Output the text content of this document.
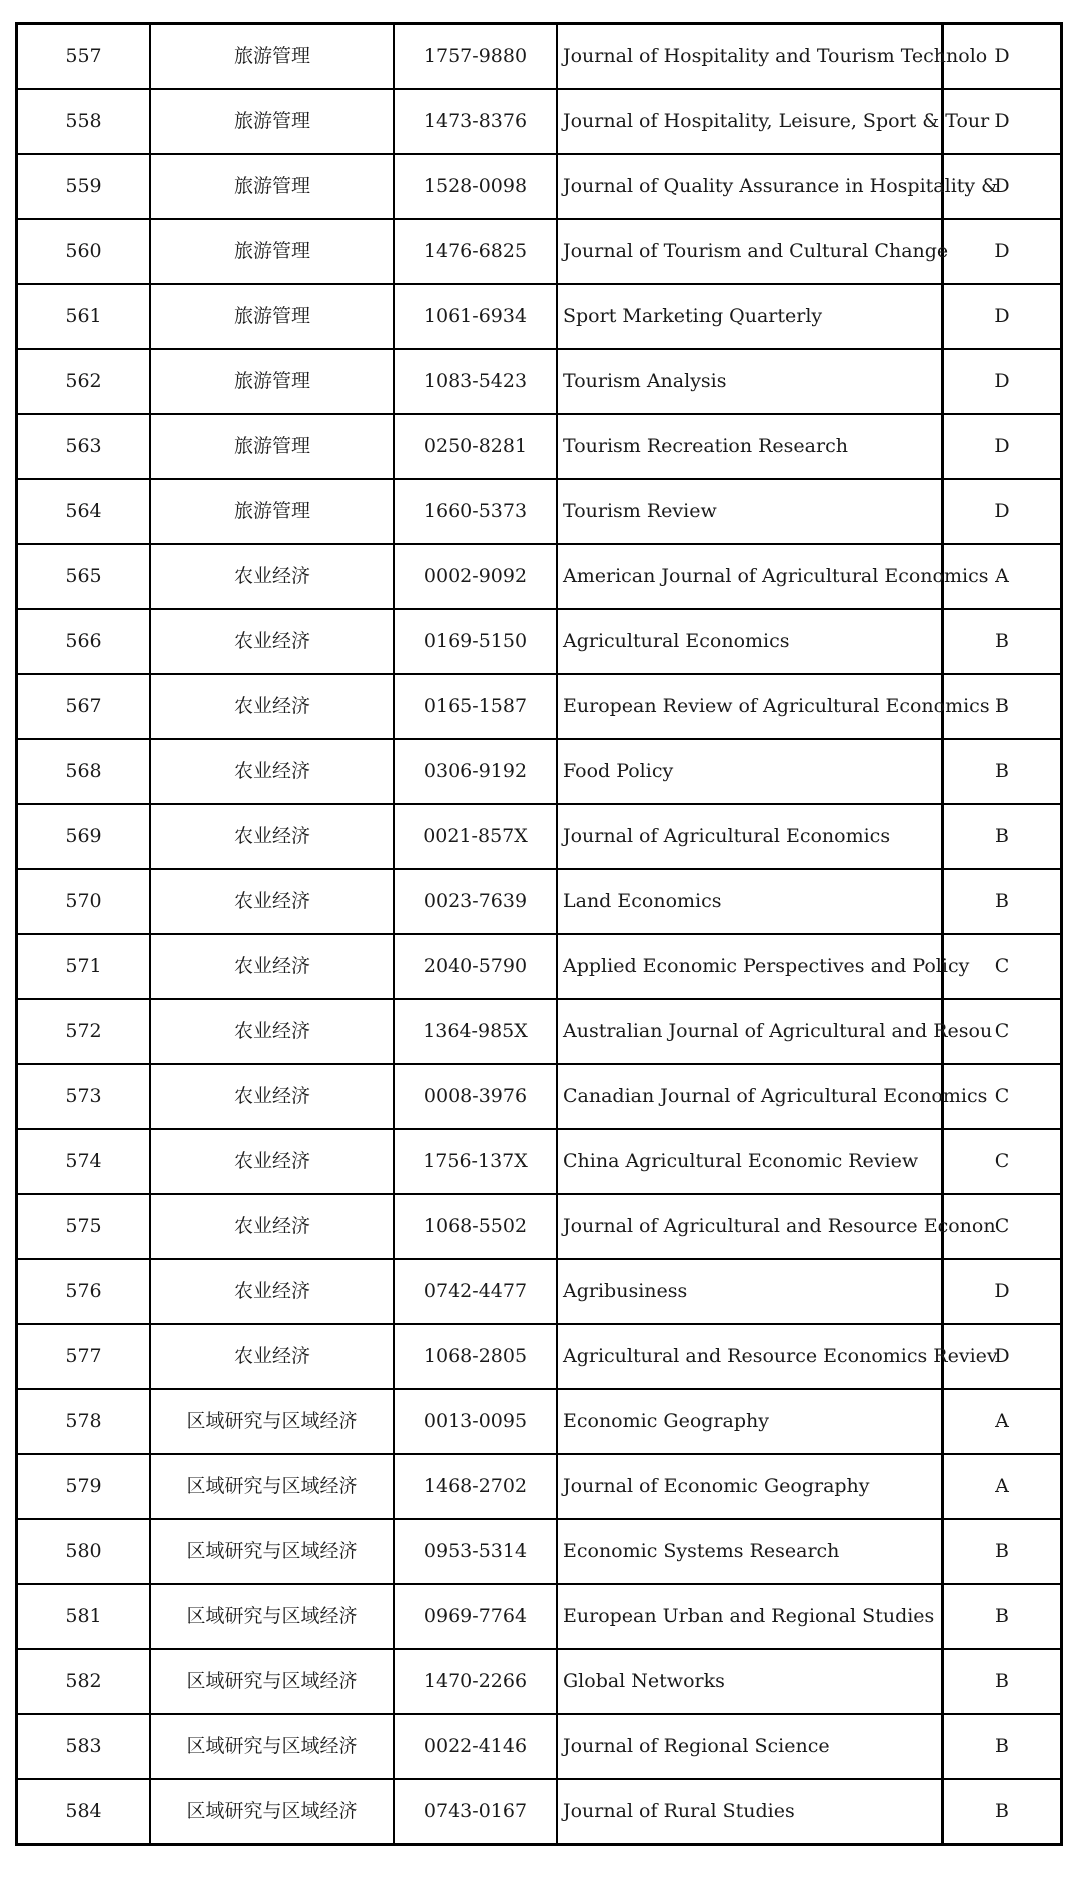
557	旅游管理	1757-9880	Journal of Hospitality and Tourism Technolo	D
558	旅游管理	1473-8376	Journal of Hospitality, Leisure, Sport & Tour	D
559	旅游管理	1528-0098	Journal of Quality Assurance in Hospitality &	D
560	旅游管理	1476-6825	Journal of Tourism and Cultural Change	D
561	旅游管理	1061-6934	Sport Marketing Quarterly	D
562	旅游管理	1083-5423	Tourism Analysis	D
563	旅游管理	0250-8281	Tourism Recreation Research	D
564	旅游管理	1660-5373	Tourism Review	D
565	农业经济	0002-9092	American Journal of Agricultural Economics	A
566	农业经济	0169-5150	Agricultural Economics	B
567	农业经济	0165-1587	European Review of Agricultural Economics	B
568	农业经济	0306-9192	Food Policy	B
569	农业经济	0021-857X	Journal of Agricultural Economics	B
570	农业经济	0023-7639	Land Economics	B
571	农业经济	2040-5790	Applied Economic Perspectives and Policy	C
572	农业经济	1364-985X	Australian Journal of Agricultural and Resou	C
573	农业经济	0008-3976	Canadian Journal of Agricultural Economics	C
574	农业经济	1756-137X	China Agricultural Economic Review	C
575	农业经济	1068-5502	Journal of Agricultural and Resource Econon	C
576	农业经济	0742-4477	Agribusiness	D
577	农业经济	1068-2805	Agricultural and Resource Economics Reviev	D
578	区域研究与区域经济	0013-0095	Economic Geography	A
579	区域研究与区域经济	1468-2702	Journal of Economic Geography	A
580	区域研究与区域经济	0953-5314	Economic Systems Research	B
581	区域研究与区域经济	0969-7764	European Urban and Regional Studies	B
582	区域研究与区域经济	1470-2266	Global Networks	B
583	区域研究与区域经济	0022-4146	Journal of Regional Science	B
584	区域研究与区域经济	0743-0167	Journal of Rural Studies	B
